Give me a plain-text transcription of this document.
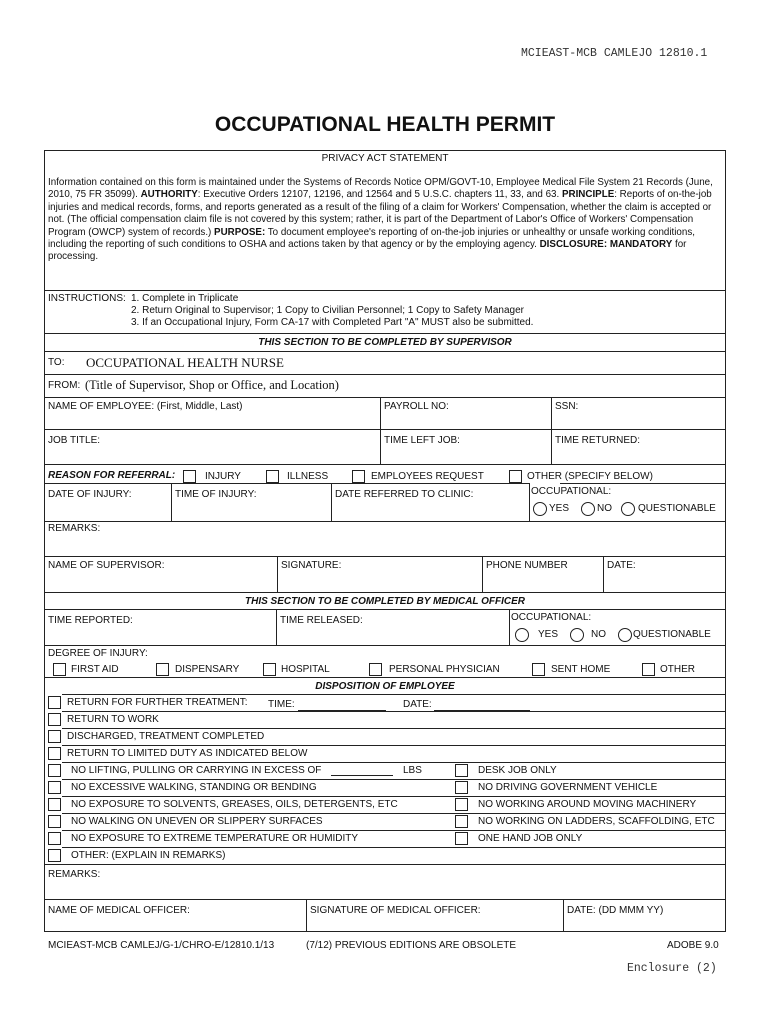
MCIEAST-MCB CAMLEJO 12810.1
OCCUPATIONAL HEALTH PERMIT
PRIVACY ACT STATEMENT
Information contained on this form is maintained under the Systems of Records Notice OPM/GOVT-10, Employee Medical File System 21 Records (June, 2010, 75 FR 35099). AUTHORITY: Executive Orders 12107, 12196, and 12564 and 5 U.S.C. chapters 11, 33, and 63. PRINCIPLE: Reports of on-the-job injuries and medical records, forms, and reports generated as a result of the filing of a claim for Workers' Compensation, whether the claim is accepted or not. (The official compensation claim file is not covered by this system; rather, it is part of the Department of Labor's Office of Workers' Compensation Program (OWCP) system of records.) PURPOSE: To document employee's reporting of on-the-job injuries or unhealthy or unsafe working conditions, including the reporting of such conditions to OSHA and actions taken by that agency or by the employing agency. DISCLOSURE: MANDATORY for processing.
INSTRUCTIONS: 1. Complete in Triplicate
2. Return Original to Supervisor; 1 Copy to Civilian Personnel; 1 Copy to Safety Manager
3. If an Occupational Injury, Form CA-17 with Completed Part "A" MUST also be submitted.
THIS SECTION TO BE COMPLETED BY SUPERVISOR
TO: OCCUPATIONAL HEALTH NURSE
FROM: (Title of Supervisor, Shop or Office, and Location)
NAME OF EMPLOYEE: (First, Middle, Last)	PAYROLL NO:	SSN:
JOB TITLE:	TIME LEFT JOB:	TIME RETURNED:
REASON FOR REFERRAL:	INJURY	ILLNESS	EMPLOYEES REQUEST	OTHER (SPECIFY BELOW)
DATE OF INJURY:	TIME OF INJURY:	DATE REFERRED TO CLINIC:	OCCUPATIONAL:
YES	NO	QUESTIONABLE
REMARKS:
NAME OF SUPERVISOR:	SIGNATURE:	PHONE NUMBER	DATE:
THIS SECTION TO BE COMPLETED BY MEDICAL OFFICER
TIME REPORTED:	TIME RELEASED:	OCCUPATIONAL:
YES	NO	QUESTIONABLE
DEGREE OF INJURY:
FIRST AID	DISPENSARY	HOSPITAL	PERSONAL PHYSICIAN	SENT HOME	OTHER
DISPOSITION OF EMPLOYEE
RETURN FOR FURTHER TREATMENT: TIME:	DATE:
RETURN TO WORK
DISCHARGED, TREATMENT COMPLETED
RETURN TO LIMITED DUTY AS INDICATED BELOW
NO LIFTING, PULLING OR CARRYING IN EXCESS OF	LBS	DESK JOB ONLY
NO EXCESSIVE WALKING, STANDING OR BENDING	NO DRIVING GOVERNMENT VEHICLE
NO EXPOSURE TO SOLVENTS, GREASES, OILS, DETERGENTS, ETC	NO WORKING AROUND MOVING MACHINERY
NO WALKING ON UNEVEN OR SLIPPERY SURFACES	NO WORKING ON LADDERS, SCAFFOLDING, ETC
NO EXPOSURE TO EXTREME TEMPERATURE OR HUMIDITY	ONE HAND JOB ONLY
OTHER: (EXPLAIN IN REMARKS)
REMARKS:
NAME OF MEDICAL OFFICER:	SIGNATURE OF MEDICAL OFFICER:	DATE: (DD MMM YY)
MCIEAST-MCB CAMLEJ/G-1/CHRO-E/12810.1/13	(7/12) PREVIOUS EDITIONS ARE OBSOLETE	ADOBE 9.0
Enclosure (2)
